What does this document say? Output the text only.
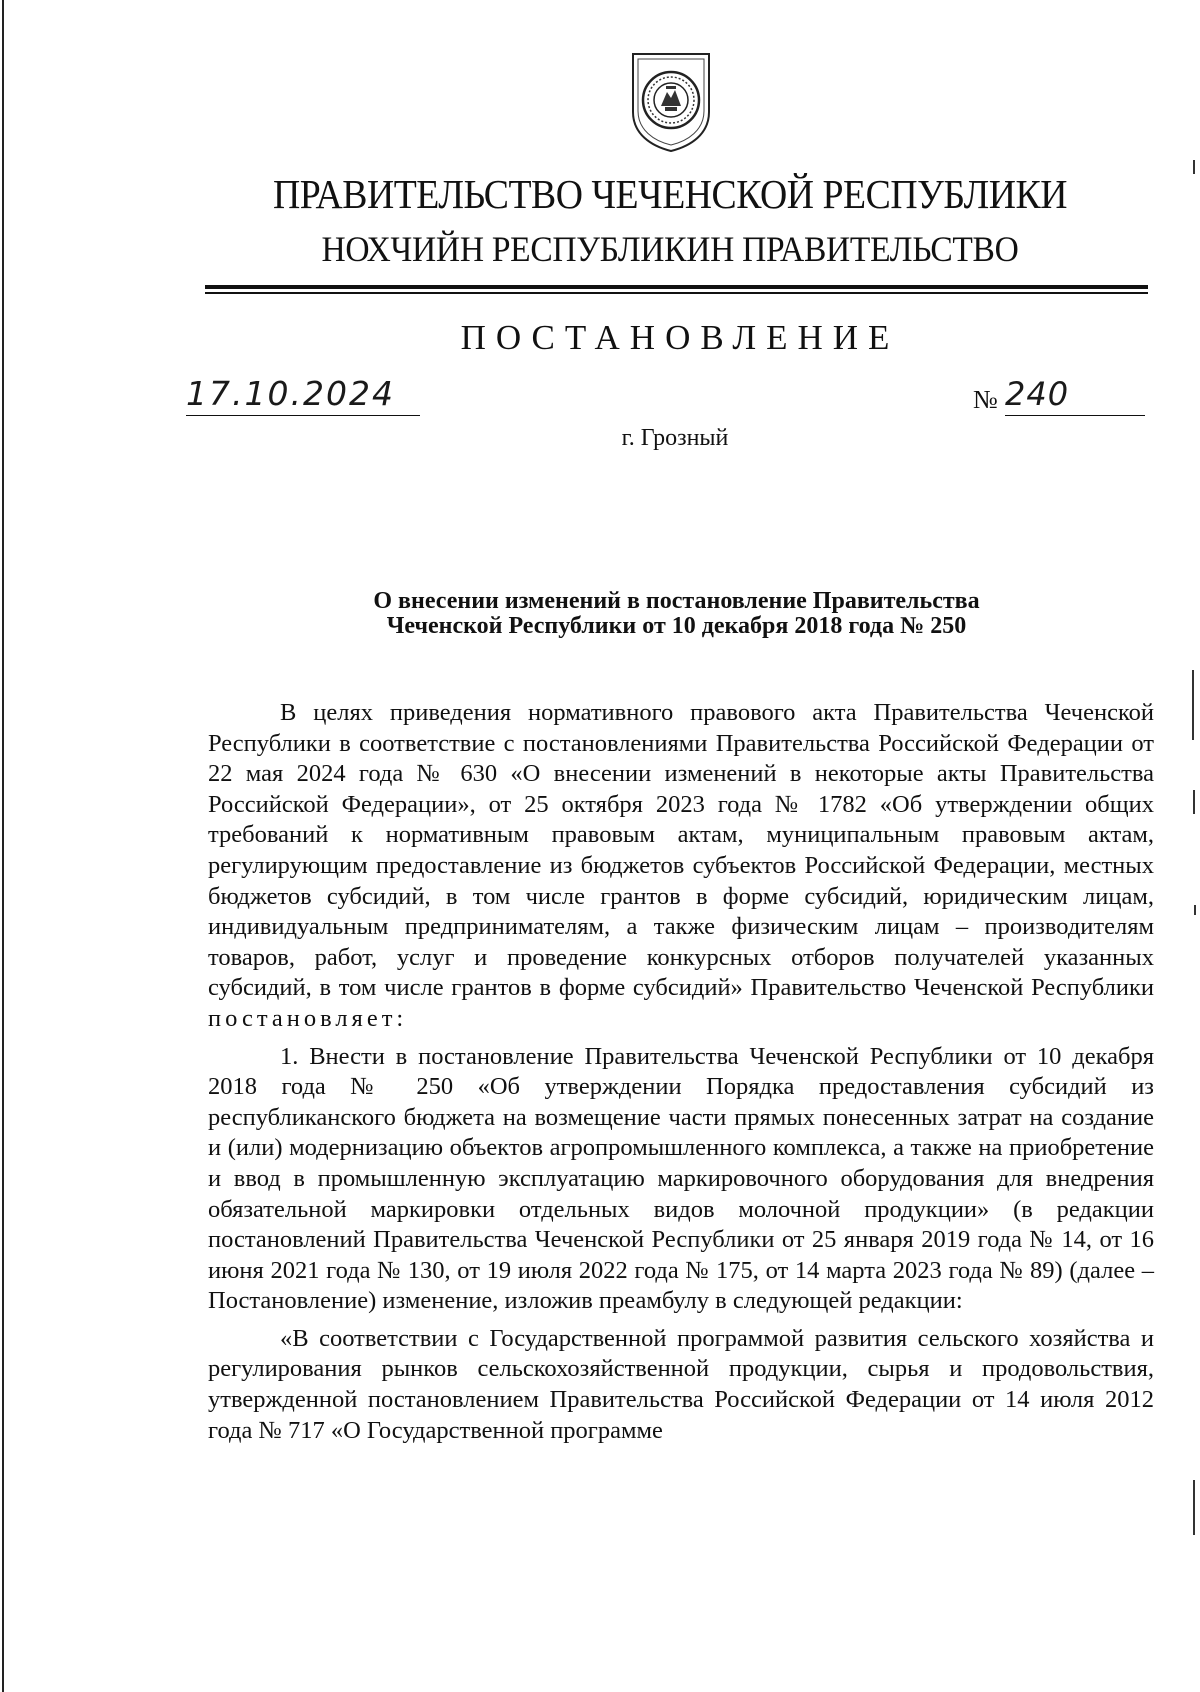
ПРАВИТЕЛЬСТВО ЧЕЧЕНСКОЙ РЕСПУБЛИКИ
НОХЧИЙН РЕСПУБЛИКИН ПРАВИТЕЛЬСТВО
ПОСТАНОВЛЕНИЕ
17.10.2024	№ 240
г. Грозный
О внесении изменений в постановление Правительства
Чеченской Республики от 10 декабря 2018 года № 250

В целях приведения нормативного правового акта Правительства Чеченской Республики в соответствие с постановлениями Правительства Российской Федерации от 22 мая 2024 года № 630 «О внесении изменений в некоторые акты Правительства Российской Федерации», от 25 октября 2023 года № 1782 «Об утверждении общих требований к нормативным правовым актам, муниципальным правовым актам, регулирующим предоставление из бюджетов субъектов Российской Федерации, местных бюджетов субсидий, в том числе грантов в форме субсидий, юридическим лицам, индивидуальным предпринимателям, а также физическим лицам – производителям товаров, работ, услуг и проведение конкурсных отборов получателей указанных субсидий, в том числе грантов в форме субсидий» Правительство Чеченской Республики постановляет:

1. Внести в постановление Правительства Чеченской Республики от 10 декабря 2018 года № 250 «Об утверждении Порядка предоставления субсидий из республиканского бюджета на возмещение части прямых понесенных затрат на создание и (или) модернизацию объектов агропромышленного комплекса, а также на приобретение и ввод в промышленную эксплуатацию маркировочного оборудования для внедрения обязательной маркировки отдельных видов молочной продукции» (в редакции постановлений Правительства Чеченской Республики от 25 января 2019 года № 14, от 16 июня 2021 года № 130, от 19 июля 2022 года № 175, от 14 марта 2023 года № 89) (далее – Постановление) изменение, изложив преамбулу в следующей редакции:

«В соответствии с Государственной программой развития сельского хозяйства и регулирования рынков сельскохозяйственной продукции, сырья и продовольствия, утвержденной постановлением Правительства Российской Федерации от 14 июля 2012 года № 717 «О Государственной программе
